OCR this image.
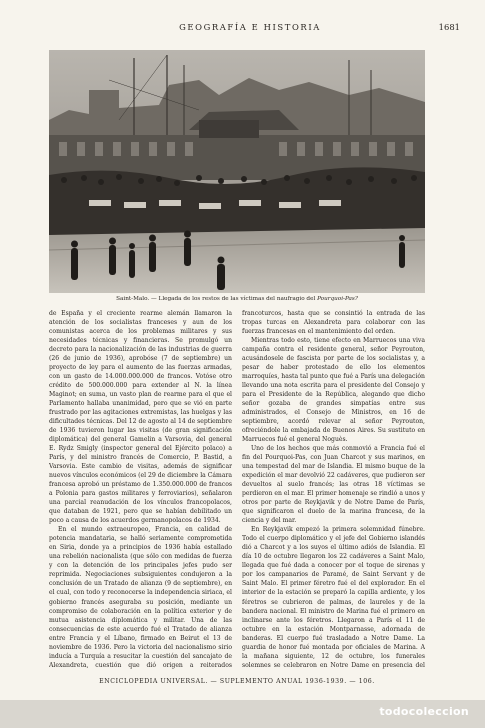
GEOGRAFÍA E HISTORIA	1681
Saint-Malo. — Llegada de los restos de las víctimas del naufragio del Pourquoi-Pas?

de España y el creciente rearme alemán llamaron la atención de los socialistas franceses y aun de los comunistas acerca de los problemas militares y sus necesidades técnicas y financieras. Se promulgó un decreto para la nacionalización de las industrias de guerra (26 de junio de 1936), aprobóse (7 de septiembre) un proyecto de ley para el aumento de las fuerzas armadas, con un gasto de 14.000.000.000 de francos. Votóse otro crédito de 500.000.000 para extender al N. la línea Maginot; en suma, un vasto plan de rearme para el que el Parlamento hallaba unanimidad, pero que se vió en parte frustrado por las agitaciones extremistas, las huelgas y las dificultades técnicas. Del 12 de agosto al 14 de septiembre de 1936 tuvieron lugar las visitas (de gran significación diplomática) del general Gamelin a Varsovia, del general E. Rydz Smigly (inspector general del Ejército polaco) a París, y del ministro francés de Comercio, P. Bastid, a Varsovia. Este cambio de visitas, además de significar nuevos vínculos económicos (el 29 de diciembre la Cámara francesa aprobó un préstamo de 1.350.000.000 de francos a Polonia para gastos militares y ferroviarios), señalaron una parcial reanudación de los vínculos francopolacos, que databan de 1921, pero que se habían debilitado un poco a causa de los acuerdos germanopolacos de 1934.

En el mundo extraeuropeo, Francia, en calidad de potencia mandataria, se halló seriamente comprometida en Siria, donde ya a principios de 1936 había estallado una rebelión nacionalista (que sólo con medidas de fuerza y con la detención de los principales jefes pudo ser reprimida. Negociaciones subsiguientes condujeron a la conclusión de un Tratado de alianza (9 de septiembre), en el cual, con todo y reconocerse la independencia siriaca, el gobierno francés aseguraba su posición, mediante un compromiso de colaboración en la política exterior y de mutua asistencia diplomática y militar. Una de las consecuencias de este acuerdo fué el Tratado de alianza entre Francia y el Líbano, firmado en Beirut el 13 de noviembre de 1936. Pero la victoria del nacionalismo sirio inducía a Turquía a resucitar la cuestión del sancajato de Alexandreta, cuestión que dió origen a reiterados

francoturcos, hasta que se consintió la entrada de las tropas turcas en Alexandreta para colaborar con las fuerzas francesas en el mantenimiento del orden.

Mientras todo esto, tiene efecto en Marruecos una viva campaña contra el residente general, señor Peyrouton, acusándosele de fascista por parte de los socialistas y, a pesar de haber protestado de ello los elementos marroquíes, hasta tal punto que fué a París una delegación llevando una nota escrita para el presidente del Consejo y para el Presidente de la República, alegando que dicho señor gozaba de grandes simpatías entre sus administrados, el Consejo de Ministros, en 16 de septiembre, acordó relevar al señor Peyrouton, ofreciéndole la embajada de Buenos Aires. Su sustituto en Marruecos fué el general Noguès.

Uno de los hechos que más conmovió a Francia fué el fin del Pourquoi-Pas, con Juan Charcot y sus marinos, en una tempestad del mar de Islandia. El mismo buque de la expedición el mar devolvió 22 cadáveres, que pudieron ser devueltos al suelo francés; las otras 18 víctimas se perdieron en el mar. El primer homenaje se rindió a unos y otros por parte de Reykjavik y de Notre Dame de París, que significaron el duelo de la marina francesa, de la ciencia y del mar.

En Reykjavik empezó la primera solemnidad fúnebre. Todo el cuerpo diplomático y el jefe del Gobierno islandés dió a Charcot y a los suyos el último adiós de Islandia. El día 10 de octubre llegaron los 22 cadáveres a Saint Malo, llegada que fué dada a conocer por el toque de sirenas y por los campanarios de Paramé, de Saint Servant y de Saint Malo. El primer féretro fué el del explorador. En el interior de la estación se preparó la capilla ardiente, y los féretros se cubrieron de palmas, de laureles y de la bandera nacional. El ministro de Marina fué el primero en inclinarse ante los féretros. Llegaron a París el 11 de octubre en la estación Montparnasse, adornada de banderas. El cuerpo fué trasladado a Notre Dame. La guardia de honor fué montada por oficiales de Marina. A la mañana siguiente, 12 de octubre, los funerales solemnes se celebraron en Notre Dame en presencia del

ENCICLOPEDIA UNIVERSAL. — SUPLEMENTO ANUAL 1936-1939. — 106.
todocoleccion
